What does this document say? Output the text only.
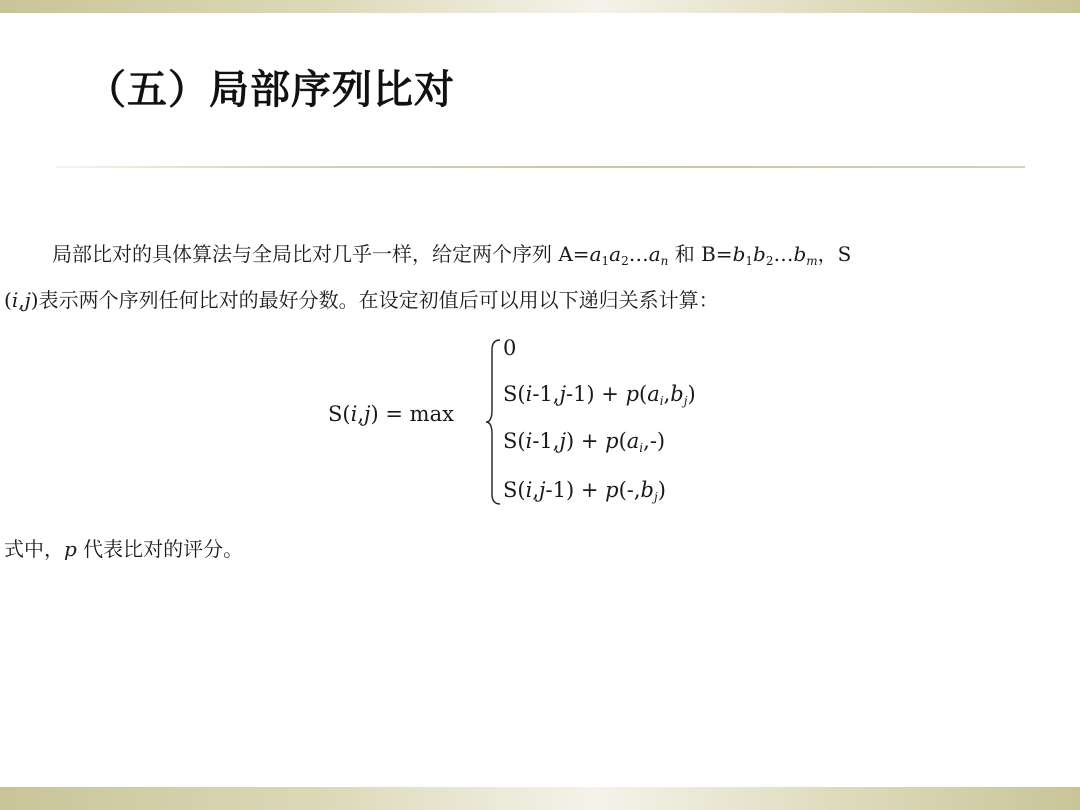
（五）局部序列比对
局部比对的具体算法与全局比对几乎一样，给定两个序列 $A=a_1a_2\dots a_n$ 和 $B=b_1b_2\dots b_m$，S
(i,j)表示两个序列任何比对的最好分数。在设定初值后可以用以下递归关系计算：
S(i,j) = max
0
$S(i-1,j-1) + p(a_i,b_j)$
$S(i-1,j) + p(a_i,-)$
$S(i,j-1) + p(-,b_j)$
式中，p 代表比对的评分。
